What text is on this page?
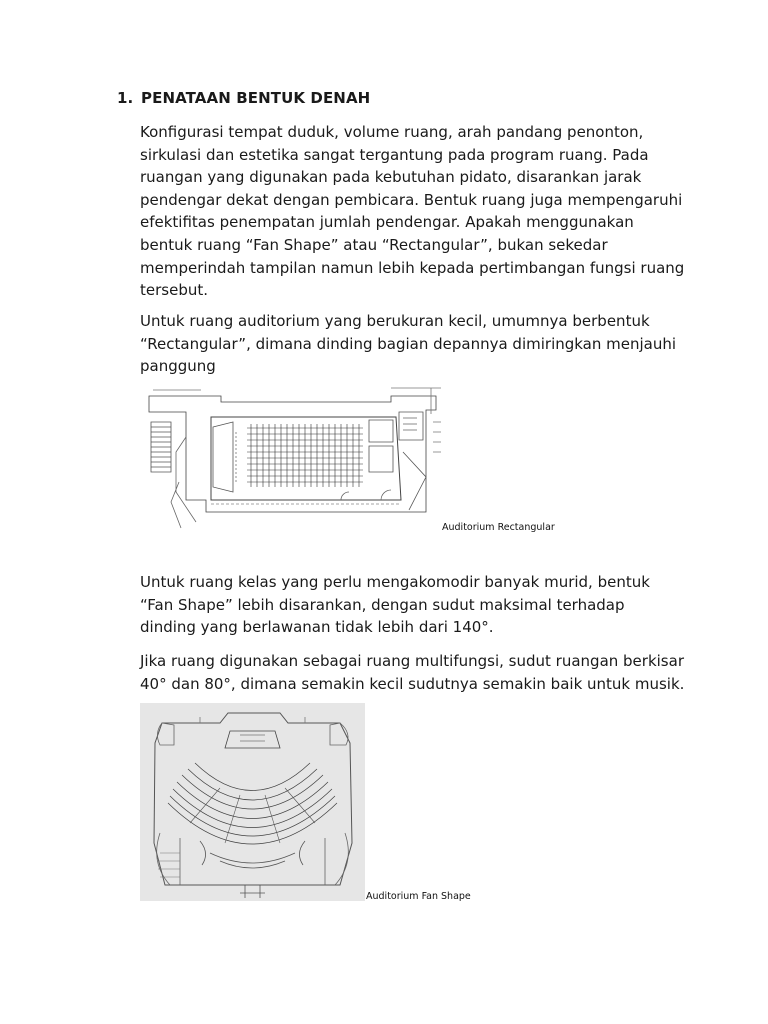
1. PENATAAN BENTUK DENAH

Konfigurasi tempat duduk, volume ruang, arah pandang penonton, sirkulasi dan estetika sangat tergantung pada program ruang. Pada ruangan yang digunakan pada kebutuhan pidato, disarankan jarak pendengar dekat dengan pembicara. Bentuk ruang juga mempengaruhi efektifitas penempatan jumlah pendengar. Apakah menggunakan bentuk ruang “Fan Shape” atau “Rectangular”, bukan sekedar memperindah tampilan namun lebih kepada pertimbangan fungsi ruang tersebut.

Untuk ruang auditorium yang berukuran kecil, umumnya berbentuk “Rectangular”, dimana dinding bagian depannya dimiringkan menjauhi panggung

Auditorium Rectangular

Untuk ruang kelas yang perlu mengakomodir banyak murid, bentuk “Fan Shape” lebih disarankan, dengan sudut maksimal terhadap dinding yang berlawanan tidak lebih dari 140°.

Jika ruang digunakan sebagai ruang multifungsi, sudut ruangan berkisar 40° dan 80°, dimana semakin kecil sudutnya semakin baik untuk musik.

Auditorium Fan Shape
